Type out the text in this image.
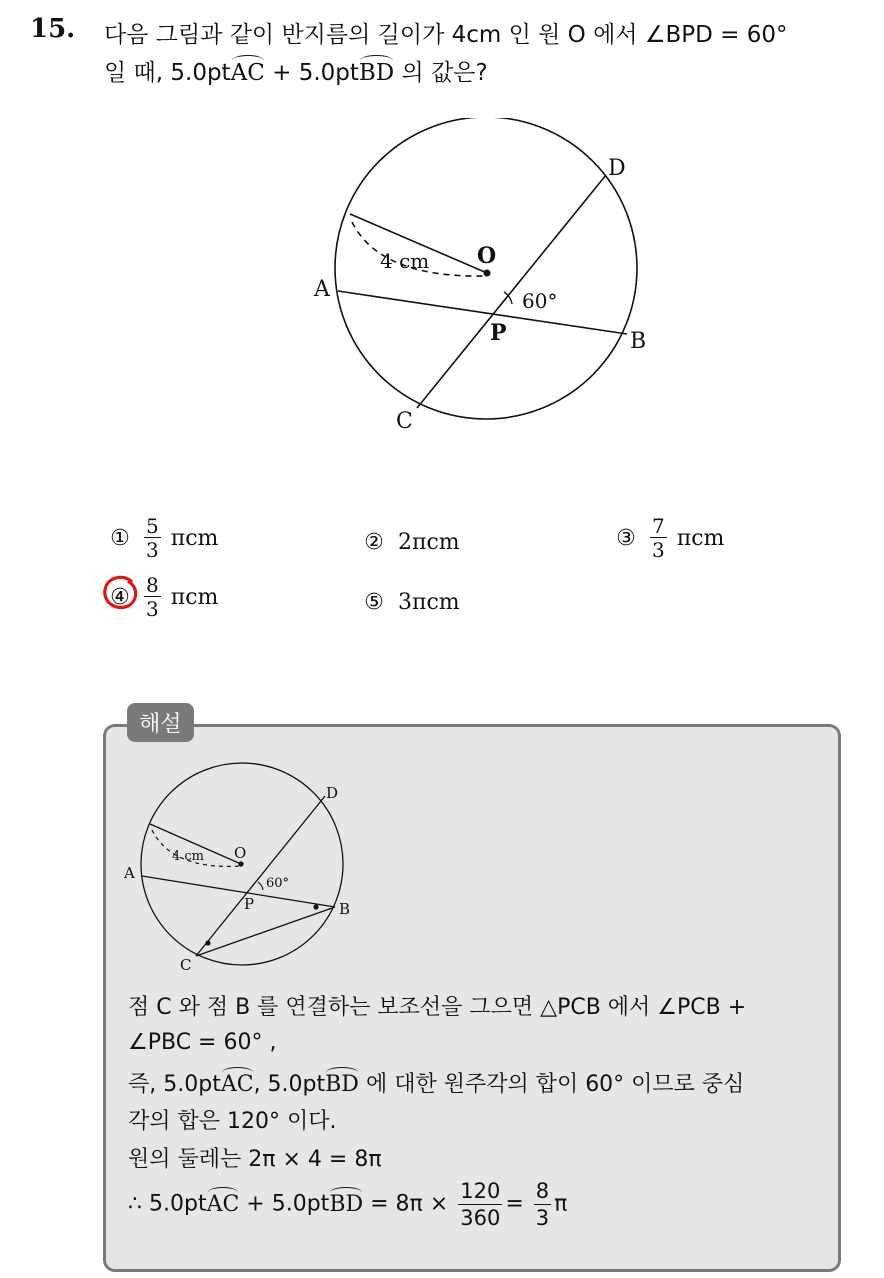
15. 다음 그림과 같이 반지름의 길이가 4cm 인 원 O 에서 ∠BPD = 60°
일 때, 5.0ptAC + 5.0ptBD 의 값은?
O
4 cm
A
B
C
D
P
60°
① $\frac{5}{3}$ πcm	② 2πcm	③ $\frac{7}{3}$ πcm
④ $\frac{8}{3}$ πcm	⑤ 3πcm
해설
O
4 cm
A
B
C
D
P
60°
점 C 와 점 B 를 연결하는 보조선을 그으면 △PCB 에서 ∠PCB +
∠PBC = 60° ,
즉, 5.0ptAC, 5.0ptBD 에 대한 원주각의 합이 60° 이므로 중심
각의 합은 120° 이다.
원의 둘레는 2π × 4 = 8π
∴ 5.0ptAC + 5.0ptBD = $8\pi \times \frac{120}{360} = \frac{8}{3}$ π
